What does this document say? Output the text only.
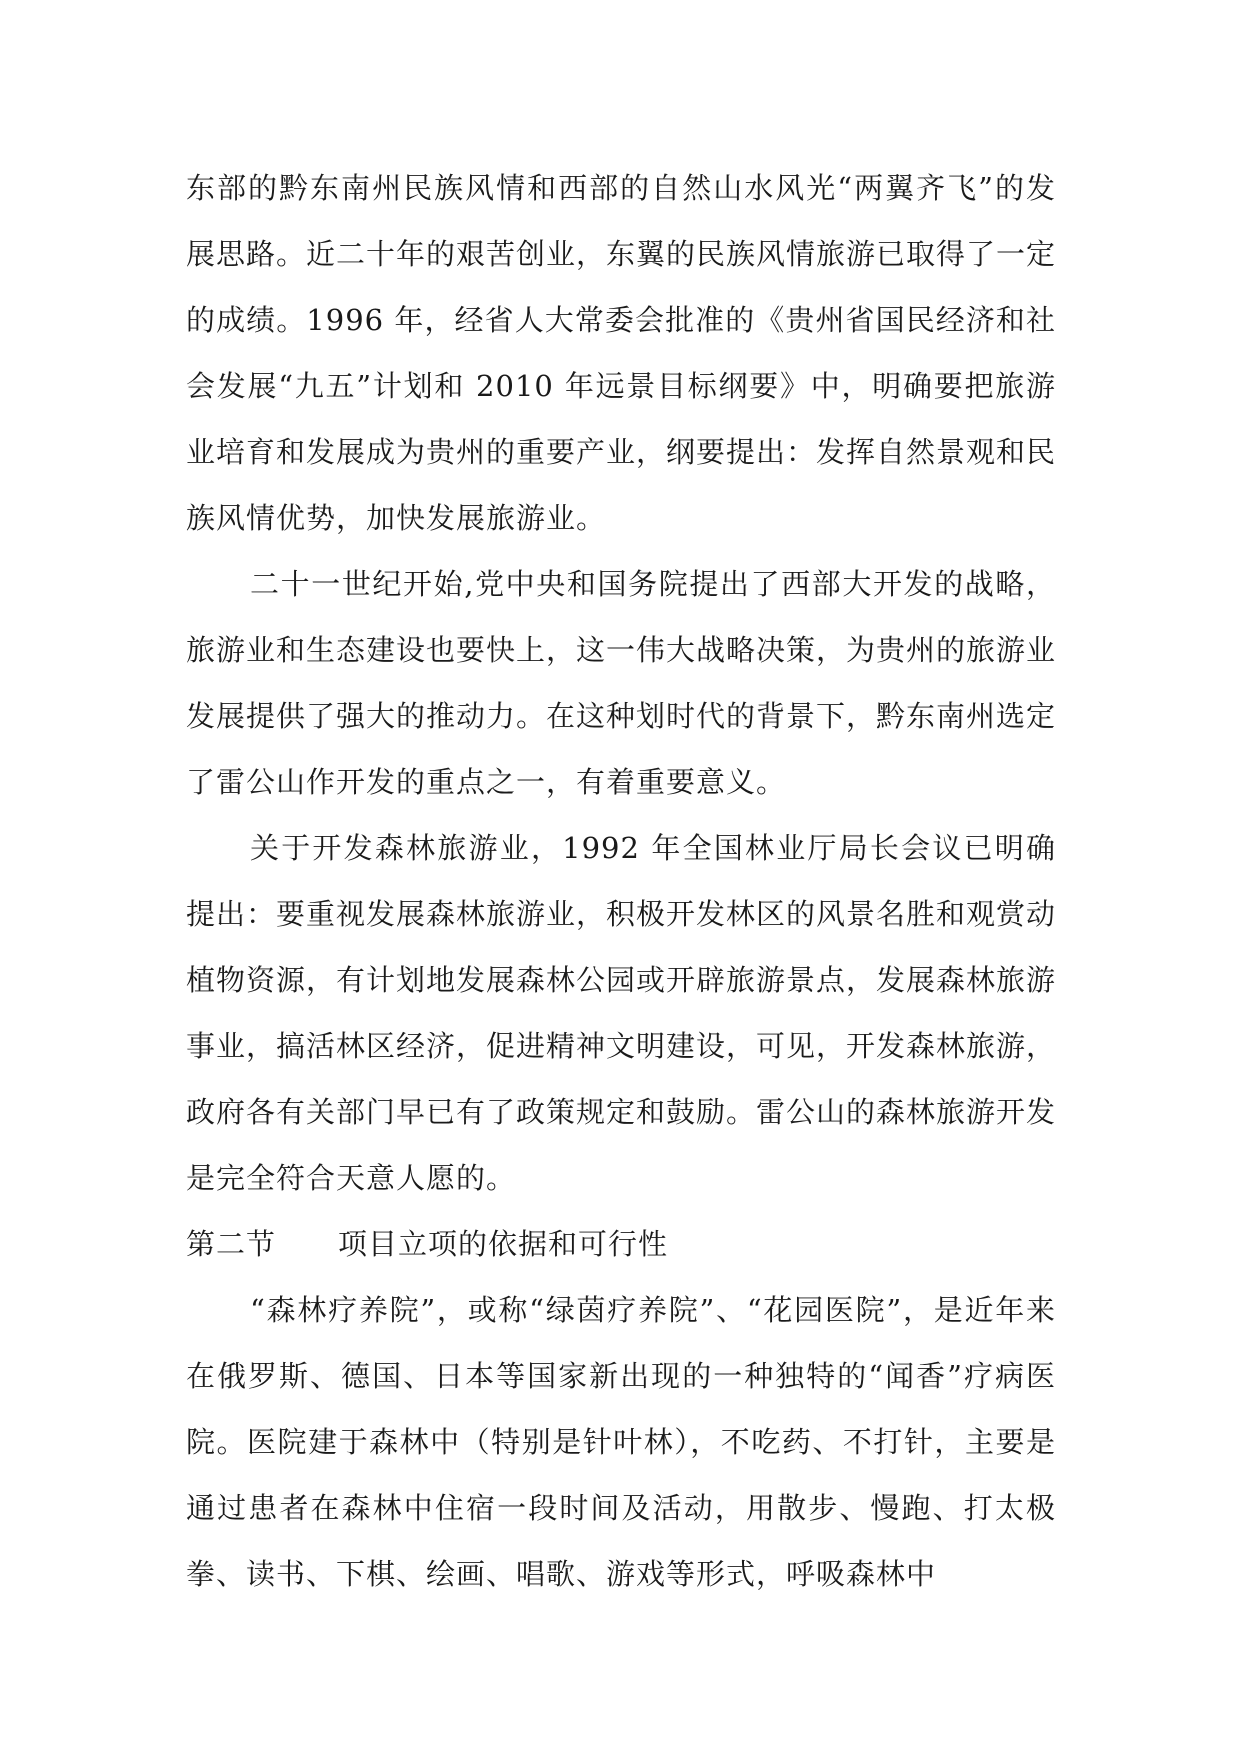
东部的黔东南州民族风情和西部的自然山水风光“两翼齐飞”的发展思路。近二十年的艰苦创业，东翼的民族风情旅游已取得了一定的成绩。1996 年，经省人大常委会批准的《贵州省国民经济和社会发展“九五”计划和 2010 年远景目标纲要》中，明确要把旅游业培育和发展成为贵州的重要产业，纲要提出：发挥自然景观和民族风情优势，加快发展旅游业。

二十一世纪开始,党中央和国务院提出了西部大开发的战略，旅游业和生态建设也要快上，这一伟大战略决策，为贵州的旅游业发展提供了强大的推动力。在这种划时代的背景下，黔东南州选定了雷公山作开发的重点之一，有着重要意义。

关于开发森林旅游业，1992 年全国林业厅局长会议已明确提出：要重视发展森林旅游业，积极开发林区的风景名胜和观赏动植物资源，有计划地发展森林公园或开辟旅游景点，发展森林旅游事业，搞活林区经济，促进精神文明建设，可见，开发森林旅游，政府各有关部门早已有了政策规定和鼓励。雷公山的森林旅游开发是完全符合天意人愿的。

第二节 项目立项的依据和可行性

“森林疗养院”，或称“绿茵疗养院”、“花园医院”，是近年来在俄罗斯、德国、日本等国家新出现的一种独特的“闻香”疗病医院。医院建于森林中（特别是针叶林），不吃药、不打针，主要是通过患者在森林中住宿一段时间及活动，用散步、慢跑、打太极拳、读书、下棋、绘画、唱歌、游戏等形式，呼吸森林中
